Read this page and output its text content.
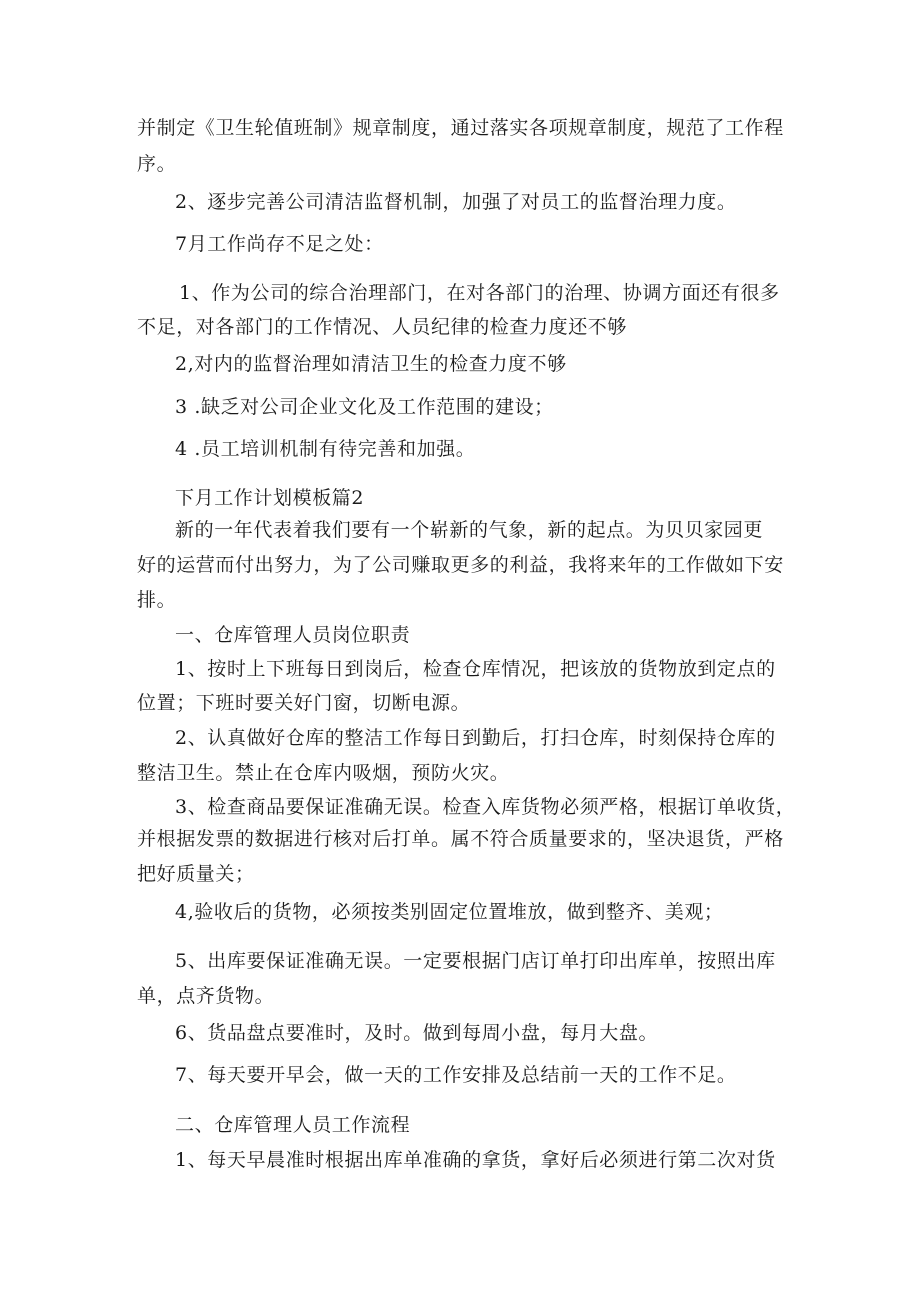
并制定《卫生轮值班制》规章制度，通过落实各项规章制度，规范了工作程
序。
2、逐步完善公司清洁监督机制，加强了对员工的监督治理力度。
7月工作尚存不足之处：
1、作为公司的综合治理部门，在对各部门的治理、协调方面还有很多
不足，对各部门的工作情况、人员纪律的检查力度还不够
2,对内的监督治理如清洁卫生的检查力度不够
3 .缺乏对公司企业文化及工作范围的建设；
4 .员工培训机制有待完善和加强。
下月工作计划模板篇2
新的一年代表着我们要有一个崭新的气象，新的起点。为贝贝家园更
好的运营而付出努力，为了公司赚取更多的利益，我将来年的工作做如下安
排。
一、仓库管理人员岗位职责
1、按时上下班每日到岗后，检查仓库情况，把该放的货物放到定点的
位置；下班时要关好门窗，切断电源。
2、认真做好仓库的整洁工作每日到勤后，打扫仓库，时刻保持仓库的
整洁卫生。禁止在仓库内吸烟，预防火灾。
3、检查商品要保证准确无误。检查入库货物必须严格，根据订单收货，
并根据发票的数据进行核对后打单。属不符合质量要求的，坚决退货，严格
把好质量关；
4,验收后的货物，必须按类别固定位置堆放，做到整齐、美观；
5、出库要保证准确无误。一定要根据门店订单打印出库单，按照出库
单，点齐货物。
6、货品盘点要准时，及时。做到每周小盘，每月大盘。
7、每天要开早会，做一天的工作安排及总结前一天的工作不足。
二、仓库管理人员工作流程
1、每天早晨准时根据出库单准确的拿货，拿好后必须进行第二次对货
